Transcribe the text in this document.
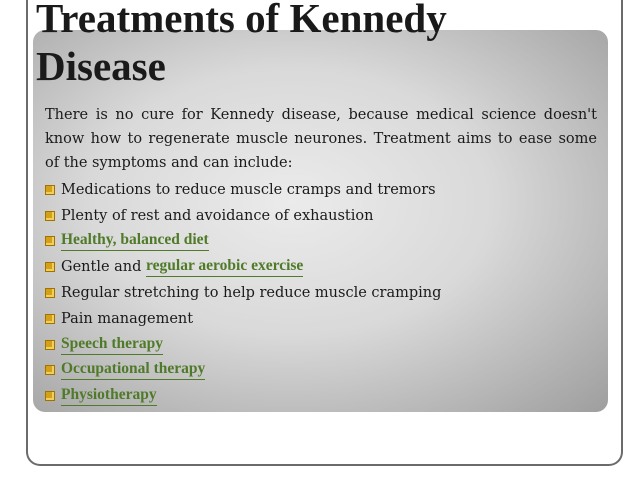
Treatments of Kennedy
Disease

There is no cure for Kennedy disease, because medical science doesn't know how to regenerate muscle neurones. Treatment aims to ease some of the symptoms and can include:

Medications to reduce muscle cramps and tremors
Plenty of rest and avoidance of exhaustion
Healthy, balanced diet
Gentle and regular aerobic exercise
Regular stretching to help reduce muscle cramping
Pain management
Speech therapy
Occupational therapy
Physiotherapy
